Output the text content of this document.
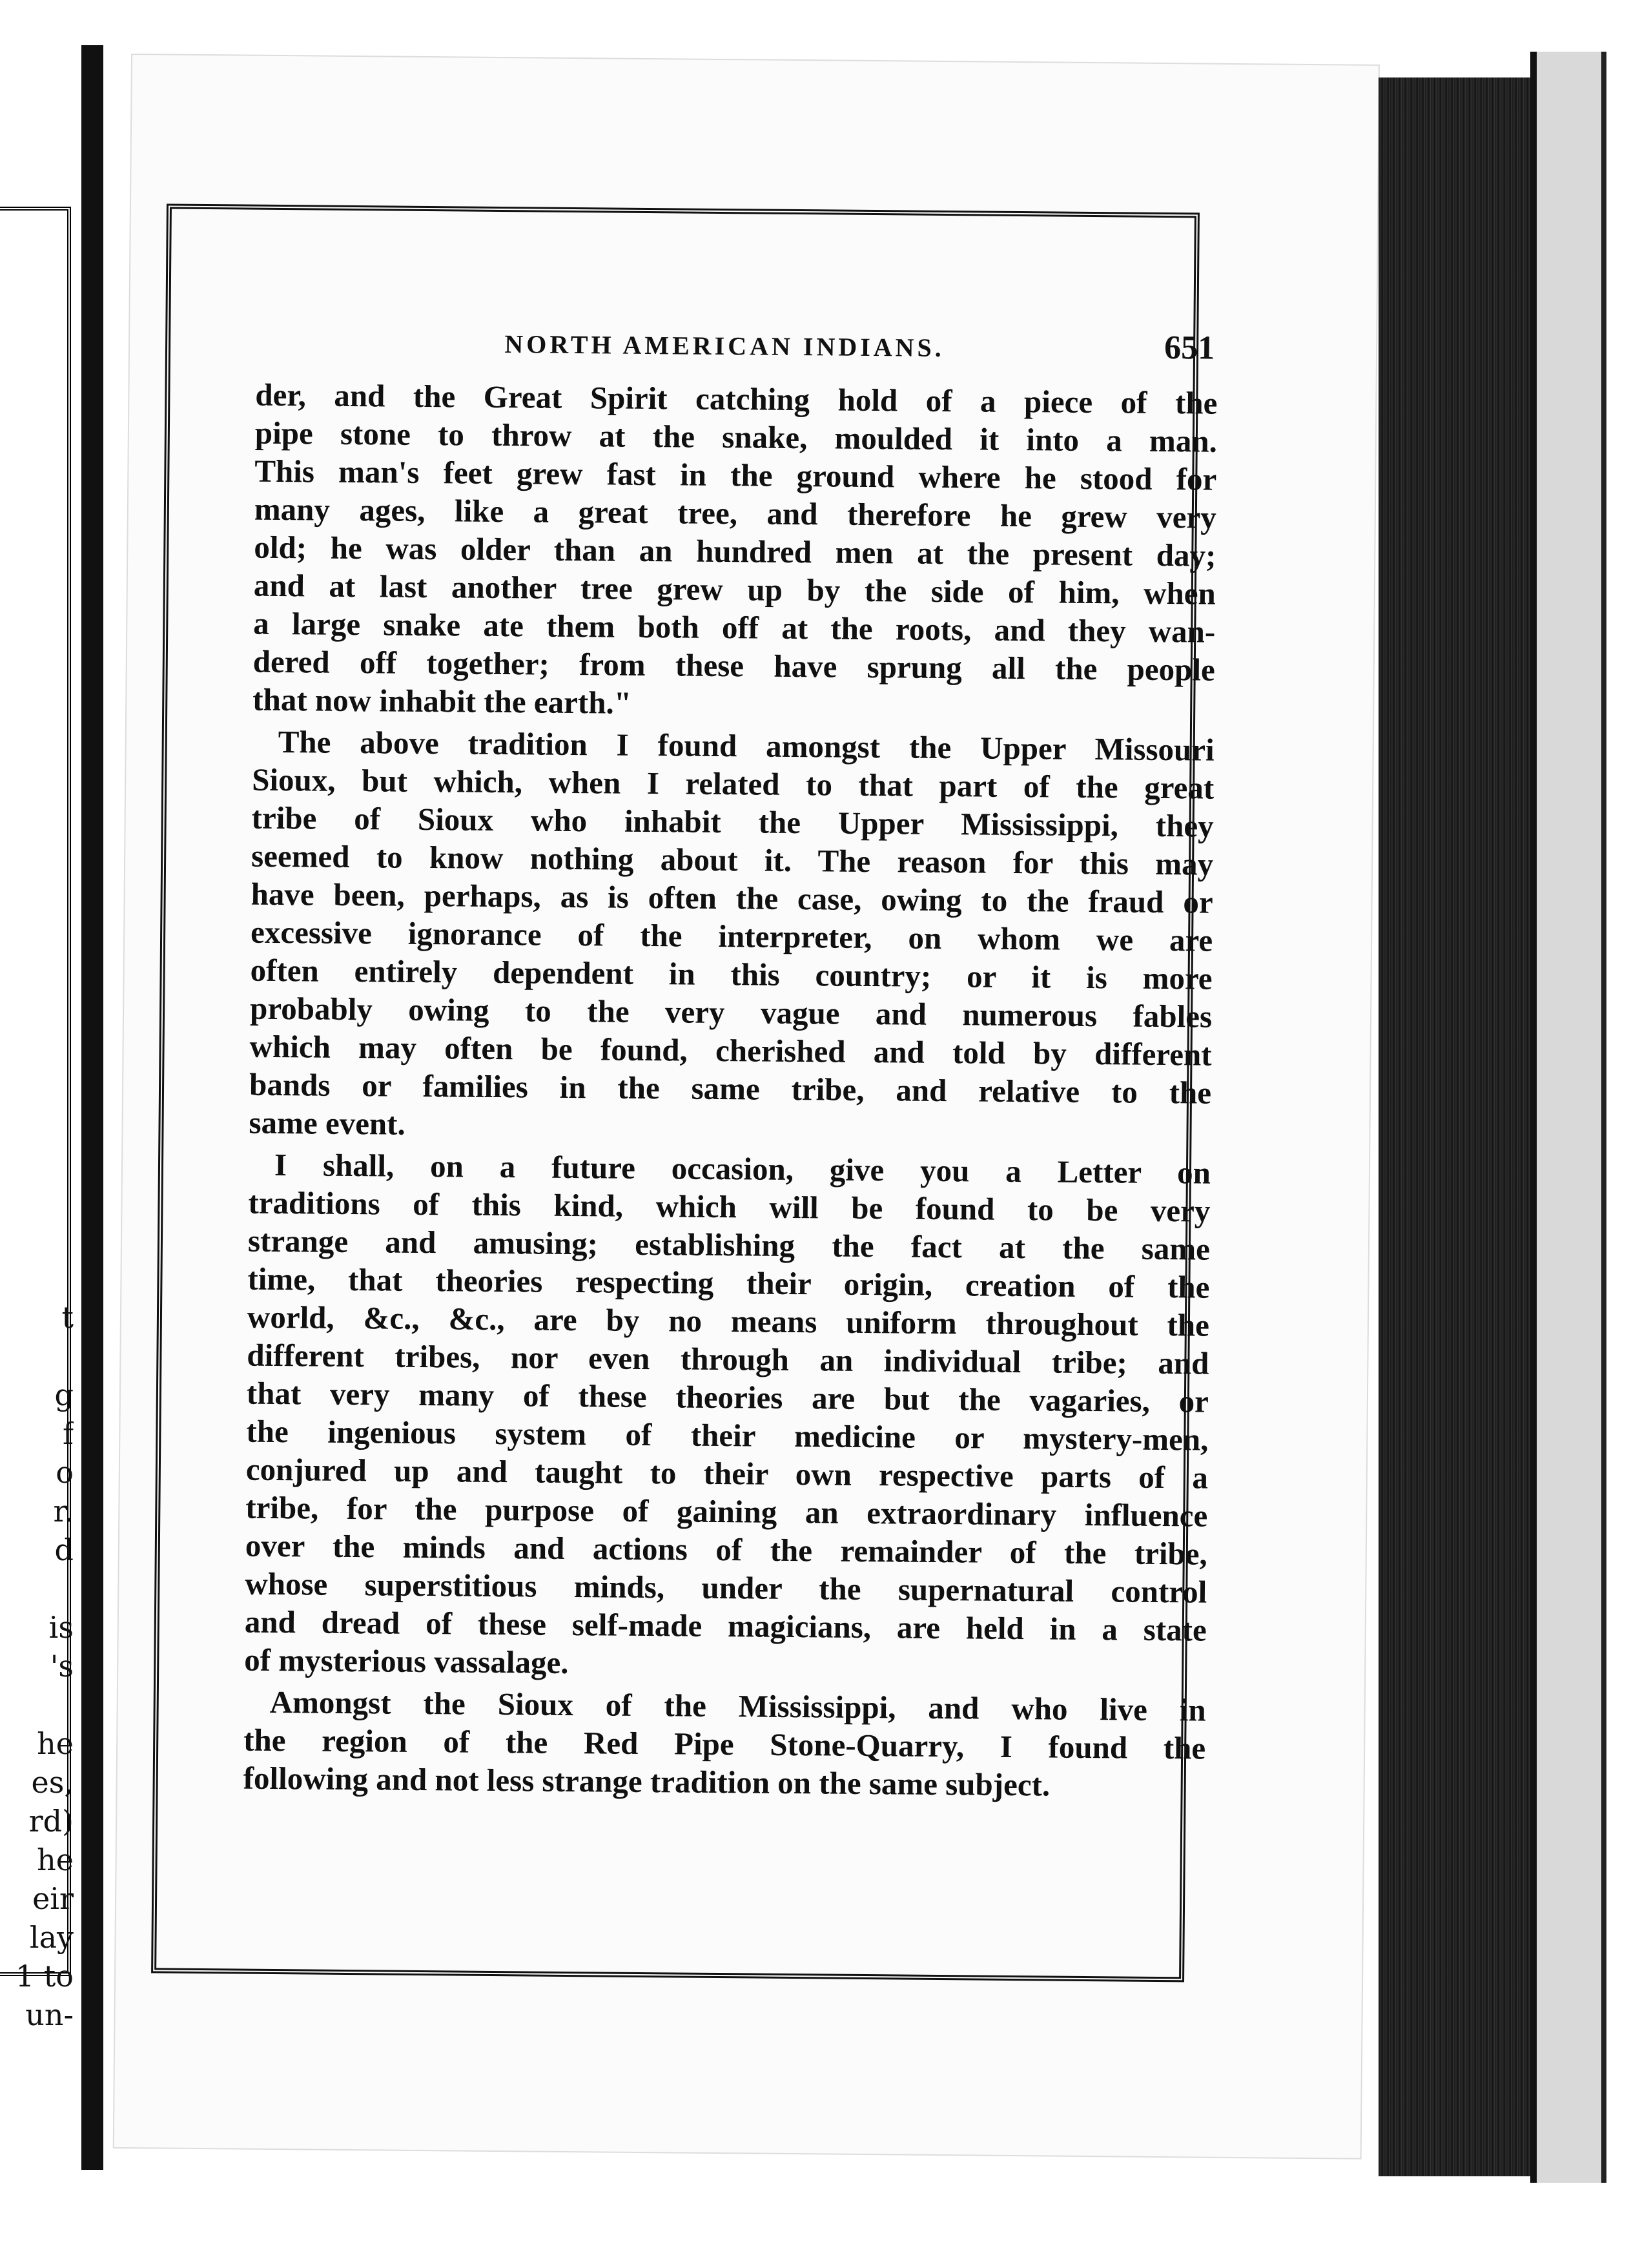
t
g
f
o
r.
d
is
's
he
es,
rd)
he
eir
lay
1 to
un-
NORTH AMERICAN INDIANS.	651
der, and the Great Spirit catching hold of a piece of the
pipe stone to throw at the snake, moulded it into a man.
This man's feet grew fast in the ground where he stood for
many ages, like a great tree, and therefore he grew very
old; he was older than an hundred men at the present day;
and at last another tree grew up by the side of him, when
a large snake ate them both off at the roots, and they wan-
dered off together; from these have sprung all the people
that now inhabit the earth."
The above tradition I found amongst the Upper Missouri
Sioux, but which, when I related to that part of the great
tribe of Sioux who inhabit the Upper Mississippi, they
seemed to know nothing about it. The reason for this may
have been, perhaps, as is often the case, owing to the fraud or
excessive ignorance of the interpreter, on whom we are
often entirely dependent in this country; or it is more
probably owing to the very vague and numerous fables
which may often be found, cherished and told by different
bands or families in the same tribe, and relative to the
same event.
I shall, on a future occasion, give you a Letter on
traditions of this kind, which will be found to be very
strange and amusing; establishing the fact at the same
time, that theories respecting their origin, creation of the
world, &c., &c., are by no means uniform throughout the
different tribes, nor even through an individual tribe; and
that very many of these theories are but the vagaries, or
the ingenious system of their medicine or mystery-men,
conjured up and taught to their own respective parts of a
tribe, for the purpose of gaining an extraordinary influence
over the minds and actions of the remainder of the tribe,
whose superstitious minds, under the supernatural control
and dread of these self-made magicians, are held in a state
of mysterious vassalage.
Amongst the Sioux of the Mississippi, and who live in
the region of the Red Pipe Stone-Quarry, I found the
following and not less strange tradition on the same subject.
